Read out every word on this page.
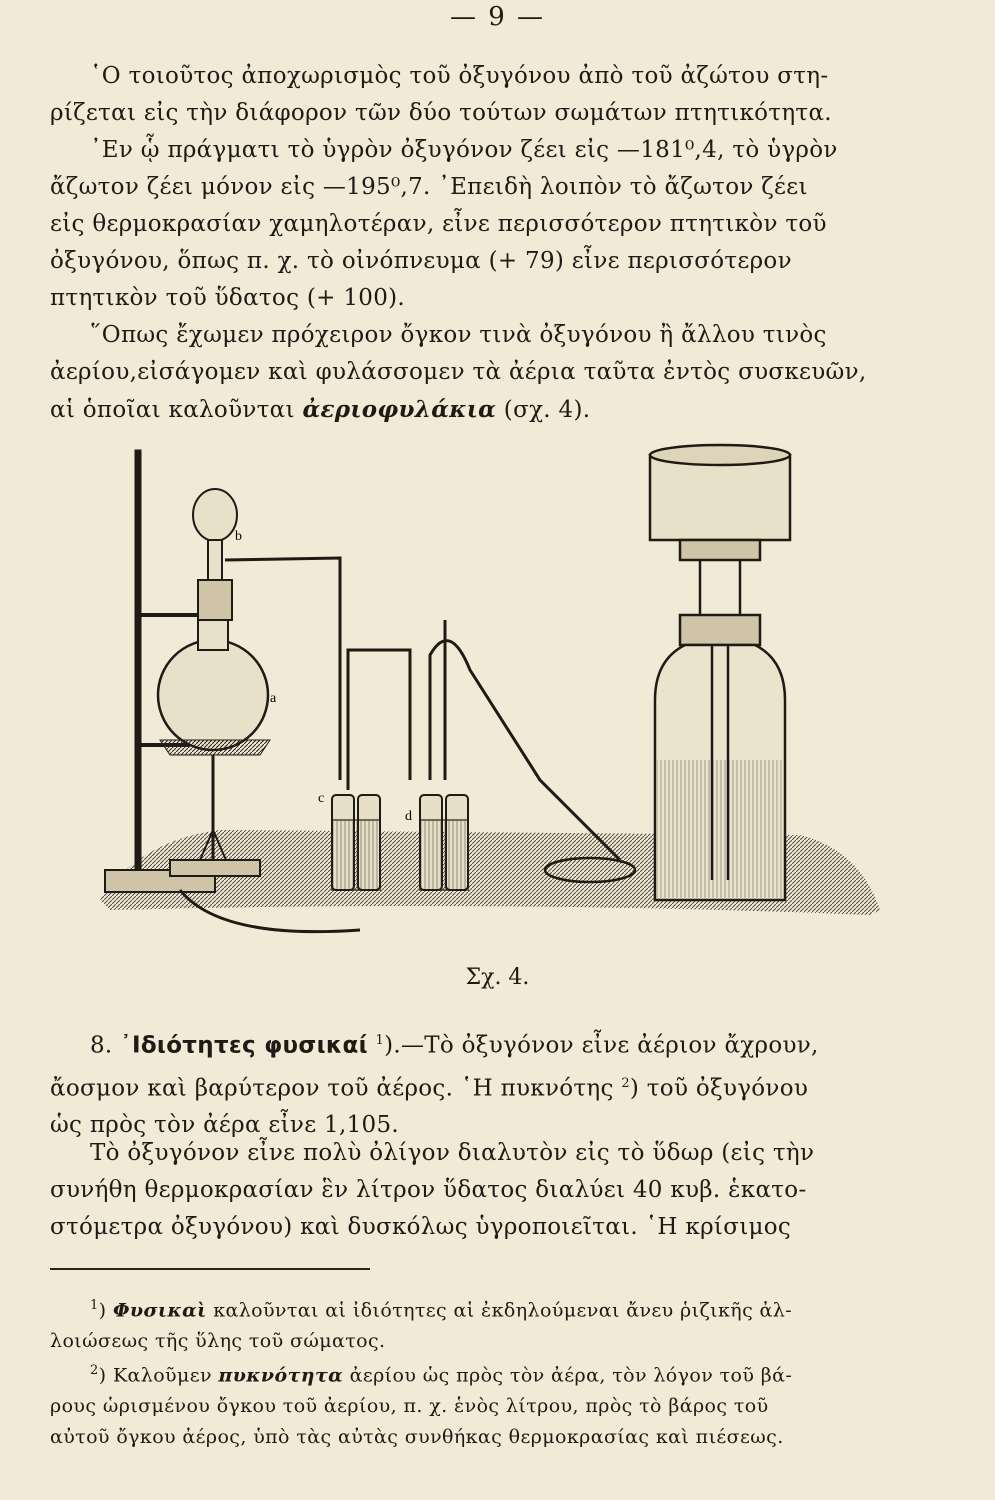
— 9 —
῾Ο τοιοῦτος ἀποχωρισμὸς τοῦ ὀξυγόνου ἀπὸ τοῦ ἀζώτου στη-
ρίζεται εἰς τὴν διάφορον τῶν δύο τούτων σωμάτων πτητικότητα.
᾿Εν ᾧ πράγματι τὸ ὑγρὸν ὀξυγόνον ζέει εἰς —181⁰,4, τὸ ὑγρὸν
ἄζωτον ζέει μόνον εἰς —195⁰,7. ᾿Επειδὴ λοιπὸν τὸ ἄζωτον ζέει
εἰς θερμοκρασίαν χαμηλοτέραν, εἶνε περισσότερον πτητικὸν τοῦ
ὀξυγόνου, ὅπως π. χ. τὸ οἰνόπνευμα (+ 79) εἶνε περισσότερον
πτητικὸν τοῦ ὕδατος (+ 100).
῞Οπως ἔχωμεν πρόχειρον ὄγκον τινὰ ὀξυγόνου ἢ ἄλλου τινὸς
ἀερίου,εἰσάγομεν καὶ φυλάσσομεν τὰ ἀέρια ταῦτα ἐντὸς συσκευῶν,
αἱ ὁποῖαι καλοῦνται ἀεριοφυλάκια (σχ. 4).
b
a
c
d
Σχ. 4.
8. ᾿Ιδιότητες φυσικαί $^1$).—Τὸ ὀξυγόνον εἶνε ἀέριον ἄχρουν,
ἄοσμον καὶ βαρύτερον τοῦ ἀέρος. ῾Η πυκνότης $^2$) τοῦ ὀξυγόνου
ὡς πρὸς τὸν ἀέρα εἶνε 1,105.
Τὸ ὀξυγόνον εἶνε πολὺ ὀλίγον διαλυτὸν εἰς τὸ ὕδωρ (εἰς τὴν
συνήθη θερμοκρασίαν ἓν λίτρον ὕδατος διαλύει 40 κυβ. ἑκατο-
στόμετρα ὀξυγόνου) καὶ δυσκόλως ὑγροποιεῖται. ῾Η κρίσιμος
$^1$) Φυσικαὶ καλοῦνται αἱ ἰδιότητες αἱ ἐκδηλούμεναι ἄνευ ῥιζικῆς ἀλ-
λοιώσεως τῆς ὕλης τοῦ σώματος.
$^2$) Καλοῦμεν πυκνότητα ἀερίου ὡς πρὸς τὸν ἀέρα, τὸν λόγον τοῦ βά-
ρους ὡρισμένου ὄγκου τοῦ ἀερίου, π. χ. ἑνὸς λίτρου, πρὸς τὸ βάρος τοῦ
αὐτοῦ ὄγκου ἀέρος, ὑπὸ τὰς αὐτὰς συνθήκας θερμοκρασίας καὶ πιέσεως.
